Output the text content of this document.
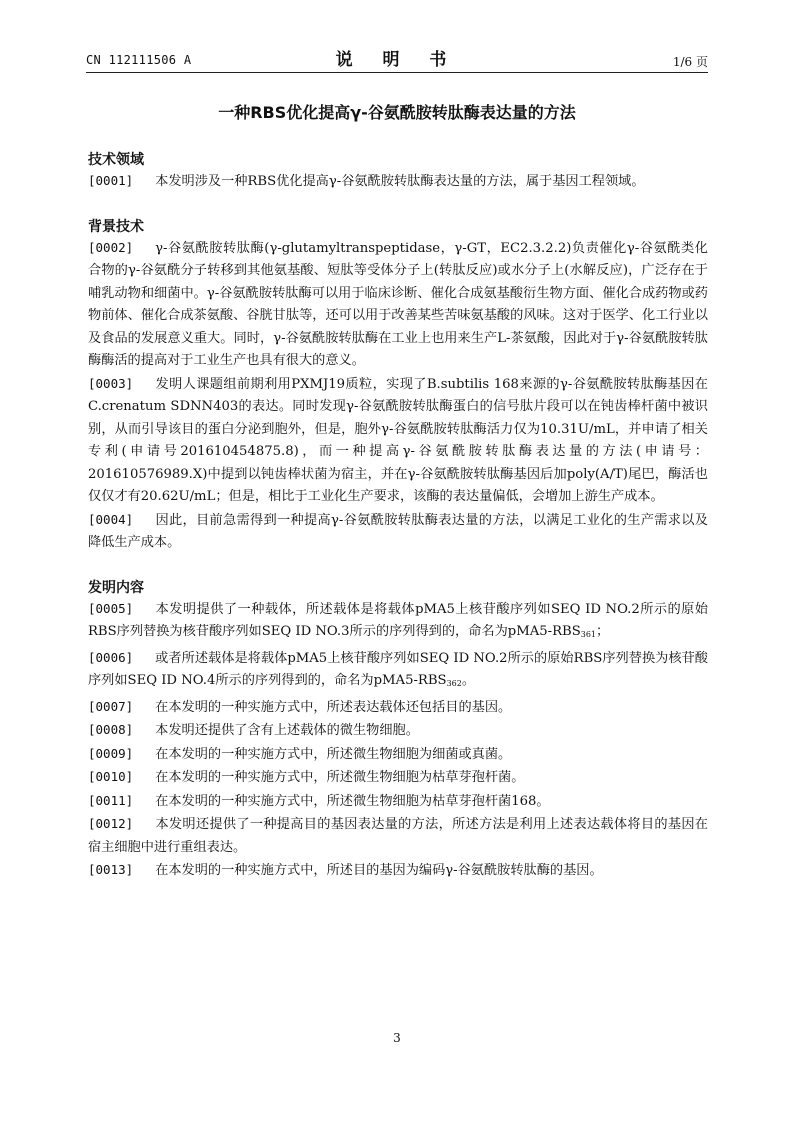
CN 112111506 A	说 明 书	1/6 页
一种RBS优化提高γ-谷氨酰胺转肽酶表达量的方法
技术领域
[0001] 本发明涉及一种RBS优化提高γ-谷氨酰胺转肽酶表达量的方法，属于基因工程领域。
背景技术
[0002] γ-谷氨酰胺转肽酶(γ-glutamyltranspeptidase，γ-GT，EC2.3.2.2)负责催化γ-谷氨酰类化合物的γ-谷氨酰分子转移到其他氨基酸、短肽等受体分子上(转肽反应)或水分子上(水解反应)，广泛存在于哺乳动物和细菌中。γ-谷氨酰胺转肽酶可以用于临床诊断、催化合成氨基酸衍生物方面、催化合成药物或药物前体、催化合成茶氨酸、谷胱甘肽等，还可以用于改善某些苦味氨基酸的风味。这对于医学、化工行业以及食品的发展意义重大。同时，γ-谷氨酰胺转肽酶在工业上也用来生产L-茶氨酸，因此对于γ-谷氨酰胺转肽酶酶活的提高对于工业生产也具有很大的意义。
[0003] 发明人课题组前期利用PXMJ19质粒，实现了B.subtilis 168来源的γ-谷氨酰胺转肽酶基因在C.crenatum SDNN403的表达。同时发现γ-谷氨酰胺转肽酶蛋白的信号肽片段可以在钝齿棒杆菌中被识别，从而引导该目的蛋白分泌到胞外，但是，胞外γ-谷氨酰胺转肽酶活力仅为10.31U/mL，并申请了相关专利(申请号201610454875.8)，而一种提高γ-谷氨酰胺转肽酶表达量的方法(申请号：201610576989.X)中提到以钝齿棒状菌为宿主，并在γ-谷氨酰胺转肽酶基因后加poly(A/T)尾巴，酶活也仅仅才有20.62U/mL；但是，相比于工业化生产要求，该酶的表达量偏低，会增加上游生产成本。
[0004] 因此，目前急需得到一种提高γ-谷氨酰胺转肽酶表达量的方法，以满足工业化的生产需求以及降低生产成本。
发明内容
[0005] 本发明提供了一种载体，所述载体是将载体pMA5上核苷酸序列如SEQ ID NO.2所示的原始RBS序列替换为核苷酸序列如SEQ ID NO.3所示的序列得到的，命名为$pMA5-RBS_{361}$；
[0006] 或者所述载体是将载体pMA5上核苷酸序列如SEQ ID NO.2所示的原始RBS序列替换为核苷酸序列如SEQ ID NO.4所示的序列得到的，命名为$pMA5-RBS_{362}$。
[0007] 在本发明的一种实施方式中，所述表达载体还包括目的基因。
[0008] 本发明还提供了含有上述载体的微生物细胞。
[0009] 在本发明的一种实施方式中，所述微生物细胞为细菌或真菌。
[0010] 在本发明的一种实施方式中，所述微生物细胞为枯草芽孢杆菌。
[0011] 在本发明的一种实施方式中，所述微生物细胞为枯草芽孢杆菌168。
[0012] 本发明还提供了一种提高目的基因表达量的方法，所述方法是利用上述表达载体将目的基因在宿主细胞中进行重组表达。
[0013] 在本发明的一种实施方式中，所述目的基因为编码γ-谷氨酰胺转肽酶的基因。
3
